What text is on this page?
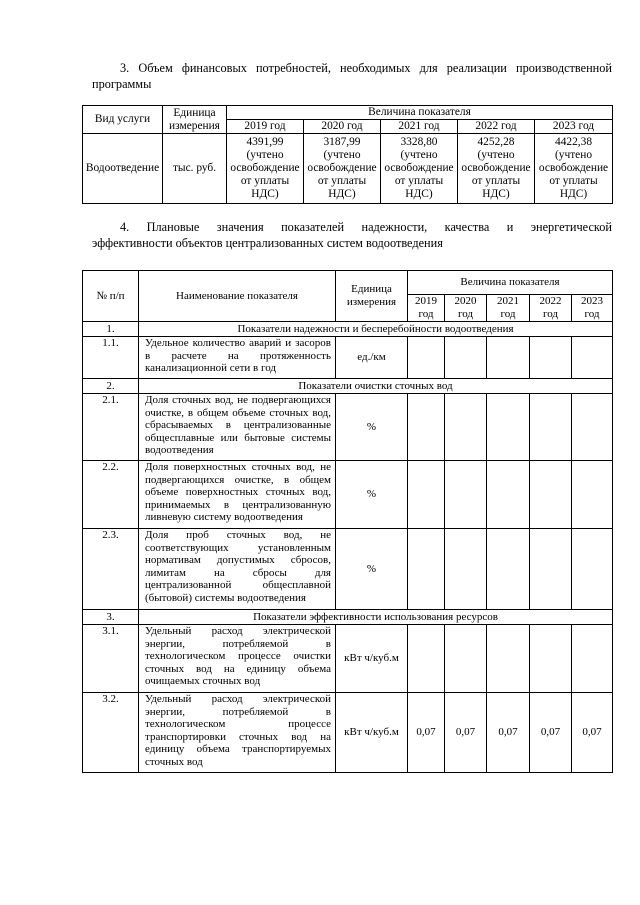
3. Объем финансовых потребностей, необходимых для реализации производственной
программы
Вид услуги	Единица измерения	Величина показателя				
		2019 год	2020 год	2021 год	2022 год	2023 год
Водоотведение	тыс. руб.	4391,99 (учтено освобождение от уплаты НДС)	3187,99 (учтено освобождение от уплаты НДС)	3328,80 (учтено освобождение от уплаты НДС)	4252,28 (учтено освобождение от уплаты НДС)	4422,38 (учтено освобождение от уплаты НДС)
4. Плановые значения показателей надежности, качества и энергетической
эффективности объектов централизованных систем водоотведения
№ п/п	Наименование показателя	Единица измерения	Величина показателя				
			2019 год	2020 год	2021 год	2022 год	2023 год
1.	Показатели надежности и бесперебойности водоотведения						
1.1.	Удельное количество аварий и засоров в расчете на протяженность канализационной сети в год	ед./км					
2.	Показатели очистки сточных вод						
2.1.	Доля сточных вод, не подвергающихся очистке, в общем объеме сточных вод, сбрасываемых в централизованные общесплавные или бытовые системы водоотведения	%					
2.2.	Доля поверхностных сточных вод, не подвергающихся очистке, в общем объеме поверхностных сточных вод, принимаемых в централизованную ливневую систему водоотведения	%					
2.3.	Доля проб сточных вод, не соответствующих установленным нормативам допустимых сбросов, лимитам на сбросы для централизованной общесплавной (бытовой) системы водоотведения	%					
3.	Показатели эффективности использования ресурсов						
3.1.	Удельный расход электрической энергии, потребляемой в технологическом процессе очистки сточных вод на единицу объема очищаемых сточных вод	кВт ч/куб.м					
3.2.	Удельный расход электрической энергии, потребляемой в технологическом процессе транспортировки сточных вод на единицу объема транспортируемых сточных вод	кВт ч/куб.м	0,07	0,07	0,07	0,07	0,07
